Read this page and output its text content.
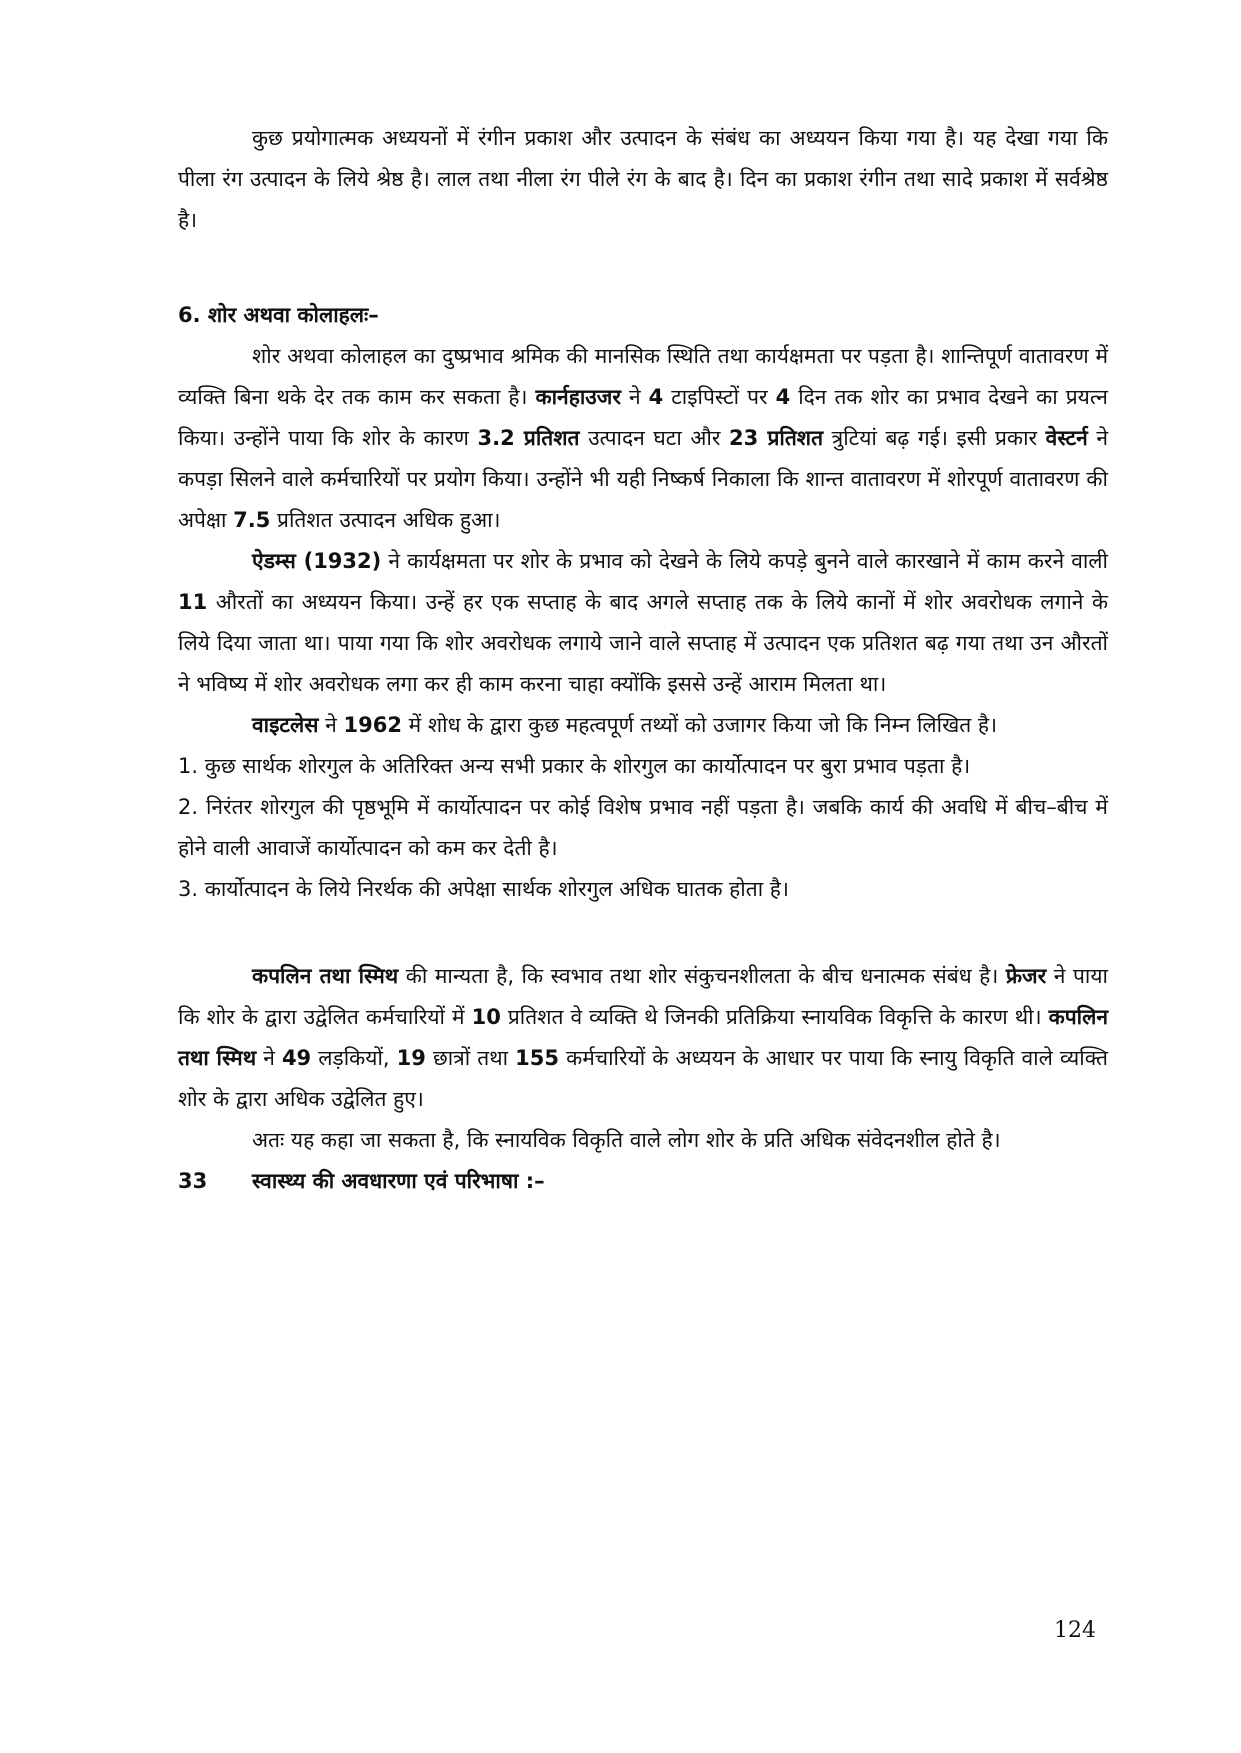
कुछ प्रयोगात्मक अध्ययनों में रंगीन प्रकाश और उत्पादन के संबंध का अध्ययन किया गया है। यह देखा गया कि पीला रंग उत्पादन के लिये श्रेष्ठ है। लाल तथा नीला रंग पीले रंग के बाद है। दिन का प्रकाश रंगीन तथा सादे प्रकाश में सर्वश्रेष्ठ है।

6. शोर अथवा कोलाहलः–

शोर अथवा कोलाहल का दुष्प्रभाव श्रमिक की मानसिक स्थिति तथा कार्यक्षमता पर पड़ता है। शान्तिपूर्ण वातावरण में व्यक्ति बिना थके देर तक काम कर सकता है। कार्नहाउजर ने 4 टाइपिस्टों पर 4 दिन तक शोर का प्रभाव देखने का प्रयत्न किया। उन्होंने पाया कि शोर के कारण 3.2 प्रतिशत उत्पादन घटा और 23 प्रतिशत त्रुटियां बढ़ गई। इसी प्रकार वेस्टर्न ने कपड़ा सिलने वाले कर्मचारियों पर प्रयोग किया। उन्होंने भी यही निष्कर्ष निकाला कि शान्त वातावरण में शोरपूर्ण वातावरण की अपेक्षा 7.5 प्रतिशत उत्पादन अधिक हुआ।

ऐडम्स (1932) ने कार्यक्षमता पर शोर के प्रभाव को देखने के लिये कपड़े बुनने वाले कारखाने में काम करने वाली 11 औरतों का अध्ययन किया। उन्हें हर एक सप्ताह के बाद अगले सप्ताह तक के लिये कानों में शोर अवरोधक लगाने के लिये दिया जाता था। पाया गया कि शोर अवरोधक लगाये जाने वाले सप्ताह में उत्पादन एक प्रतिशत बढ़ गया तथा उन औरतों ने भविष्य में शोर अवरोधक लगा कर ही काम करना चाहा क्योंकि इससे उन्हें आराम मिलता था।

वाइटलेस ने 1962 में शोध के द्वारा कुछ महत्वपूर्ण तथ्यों को उजागर किया जो कि निम्न लिखित है।

1. कुछ सार्थक शोरगुल के अतिरिक्त अन्य सभी प्रकार के शोरगुल का कार्योत्पादन पर बुरा प्रभाव पड़ता है।

2. निरंतर शोरगुल की पृष्ठभूमि में कार्योत्पादन पर कोई विशेष प्रभाव नहीं पड़ता है। जबकि कार्य की अवधि में बीच–बीच में होने वाली आवाजें कार्योत्पादन को कम कर देती है।

3. कार्योत्पादन के लिये निरर्थक की अपेक्षा सार्थक शोरगुल अधिक घातक होता है।

कपलिन तथा स्मिथ की मान्यता है, कि स्वभाव तथा शोर संकुचनशीलता के बीच धनात्मक संबंध है। फ्रेजर ने पाया कि शोर के द्वारा उद्वेलित कर्मचारियों में 10 प्रतिशत वे व्यक्ति थे जिनकी प्रतिक्रिया स्नायविक विकृत्ति के कारण थी। कपलिन तथा स्मिथ ने 49 लड़कियों, 19 छात्रों तथा 155 कर्मचारियों के अध्ययन के आधार पर पाया कि स्नायु विकृति वाले व्यक्ति शोर के द्वारा अधिक उद्वेलित हुए।

अतः यह कहा जा सकता है, कि स्नायविक विकृति वाले लोग शोर के प्रति अधिक संवेदनशील होते है।

33	स्वास्थ्य की अवधारणा एवं परिभाषा :–
124
